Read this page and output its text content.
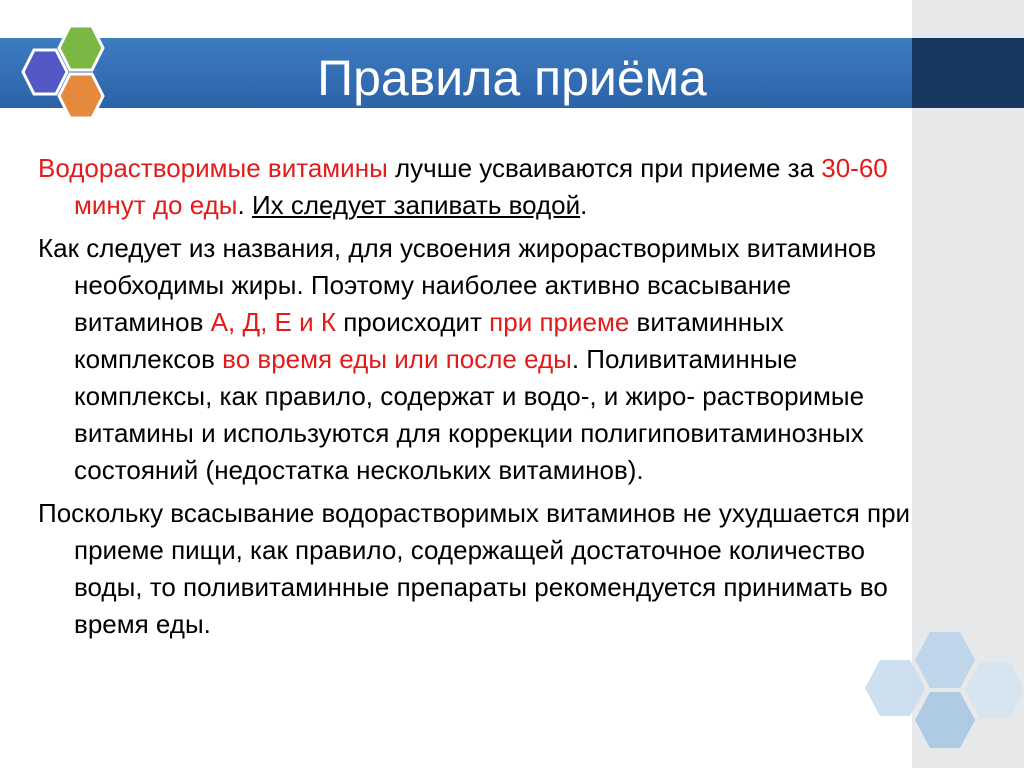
Правила приёма

Водорастворимые витамины лучше усваиваются при приеме за 30-60 минут до еды. Их следует запивать водой.

Как следует из названия, для усвоения жирорастворимых витаминов необходимы жиры. Поэтому наиболее активно всасывание витаминов А, Д, Е и К происходит при приеме витаминных комплексов во время еды или после еды. Поливитаминные комплексы, как правило, содержат и водо-, и жиро- растворимые витамины и используются для коррекции полигиповитаминозных состояний (недостатка нескольких витаминов).

Поскольку всасывание водорастворимых витаминов не ухудшается при приеме пищи, как правило, содержащей достаточное количество воды, то поливитаминные препараты рекомендуется принимать во время еды.
